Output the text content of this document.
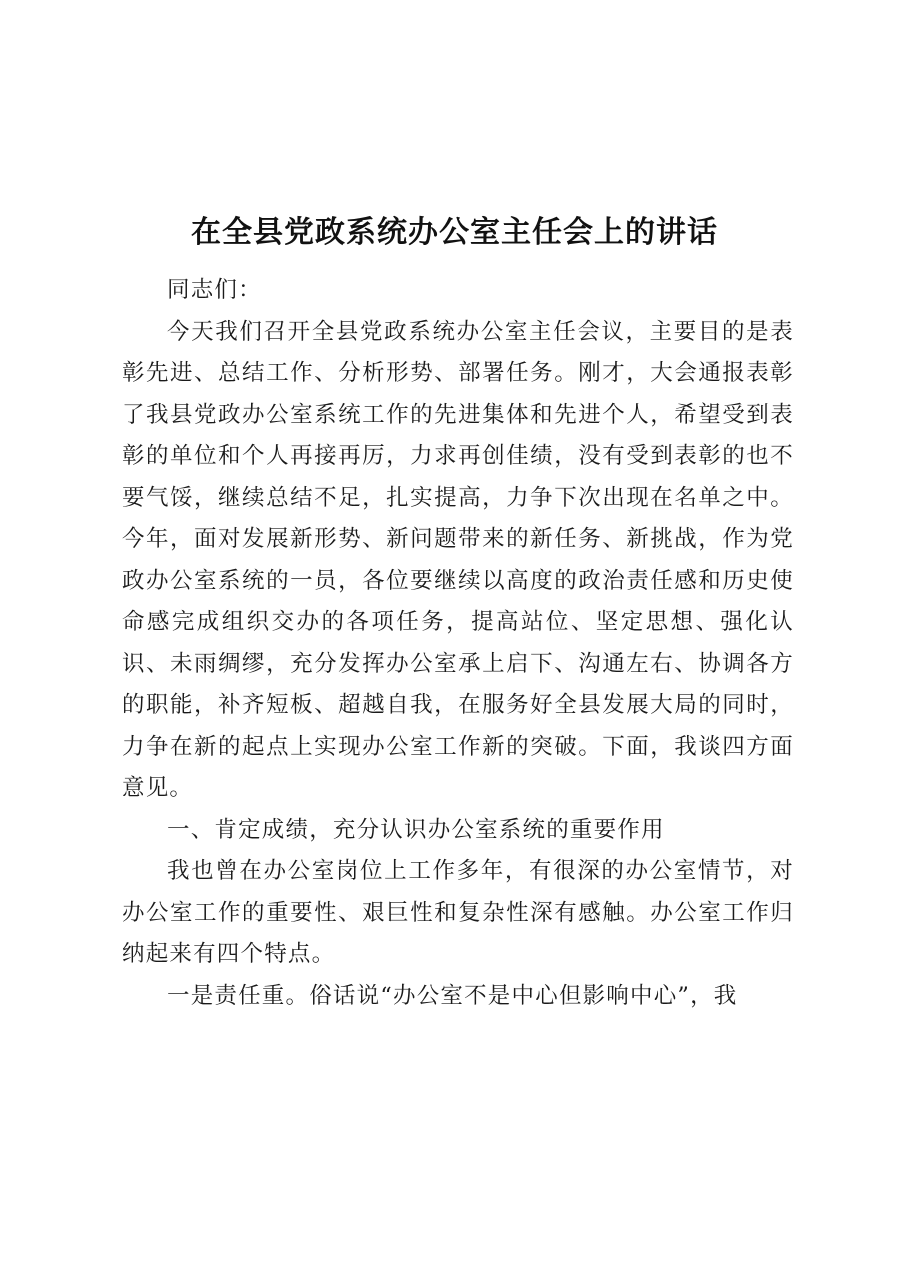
在全县党政系统办公室主任会上的讲话

同志们：

今天我们召开全县党政系统办公室主任会议，主要目的是表彰先进、总结工作、分析形势、部署任务。刚才，大会通报表彰了我县党政办公室系统工作的先进集体和先进个人，希望受到表彰的单位和个人再接再厉，力求再创佳绩，没有受到表彰的也不要气馁，继续总结不足，扎实提高，力争下次出现在名单之中。今年，面对发展新形势、新问题带来的新任务、新挑战，作为党政办公室系统的一员，各位要继续以高度的政治责任感和历史使命感完成组织交办的各项任务，提高站位、坚定思想、强化认识、未雨绸缪，充分发挥办公室承上启下、沟通左右、协调各方的职能，补齐短板、超越自我，在服务好全县发展大局的同时，力争在新的起点上实现办公室工作新的突破。下面，我谈四方面意见。

一、肯定成绩，充分认识办公室系统的重要作用

我也曾在办公室岗位上工作多年，有很深的办公室情节，对办公室工作的重要性、艰巨性和复杂性深有感触。办公室工作归纳起来有四个特点。

一是责任重。俗话说“办公室不是中心但影响中心”，我
